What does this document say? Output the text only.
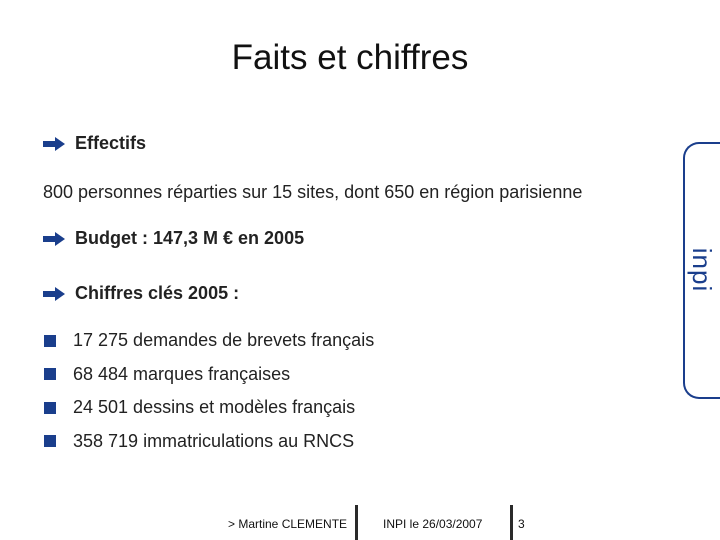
Faits et chiffres
Effectifs
800 personnes réparties sur 15 sites, dont 650 en région parisienne
Budget : 147,3 M € en 2005
Chiffres clés 2005 :
17 275 demandes de brevets français
68 484 marques françaises
24 501 dessins et modèles français
358 719 immatriculations au RNCS
inpi
> Martine CLEMENTE	INPI le 26/03/2007	3
